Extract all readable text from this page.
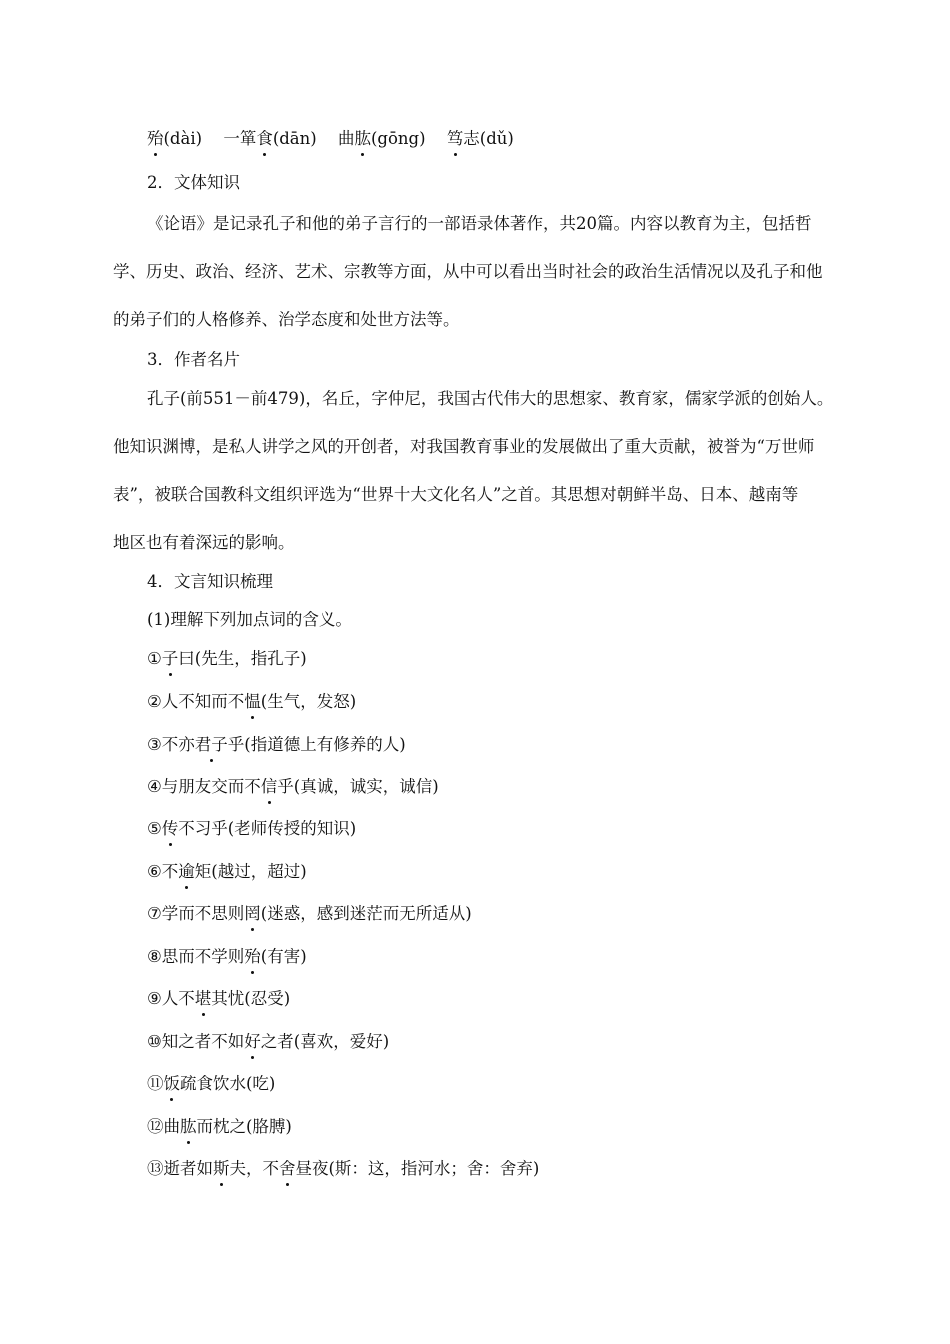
殆(dài) 一箪食(dān) 曲肱(gōng) 笃志(dǔ)
2．文体知识
《论语》是记录孔子和他的弟子言行的一部语录体著作，共20篇。内容以教育为主，包括哲
学、历史、政治、经济、艺术、宗教等方面，从中可以看出当时社会的政治生活情况以及孔子和他
的弟子们的人格修养、治学态度和处世方法等。
3．作者名片
孔子(前551－前479)，名丘，字仲尼，我国古代伟大的思想家、教育家，儒家学派的创始人。
他知识渊博，是私人讲学之风的开创者，对我国教育事业的发展做出了重大贡献，被誉为“万世师
表”，被联合国教科文组织评选为“世界十大文化名人”之首。其思想对朝鲜半岛、日本、越南等
地区也有着深远的影响。
4．文言知识梳理
(1)理解下列加点词的含义。
①子曰(先生，指孔子)
②人不知而不愠(生气，发怒)
③不亦君子乎(指道德上有修养的人)
④与朋友交而不信乎(真诚，诚实，诚信)
⑤传不习乎(老师传授的知识)
⑥不逾矩(越过，超过)
⑦学而不思则罔(迷惑，感到迷茫而无所适从)
⑧思而不学则殆(有害)
⑨人不堪其忧(忍受)
⑩知之者不如好之者(喜欢，爱好)
⑪饭疏食饮水(吃)
⑫曲肱而枕之(胳膊)
⑬逝者如斯夫，不舍昼夜(斯：这，指河水；舍：舍弃)
